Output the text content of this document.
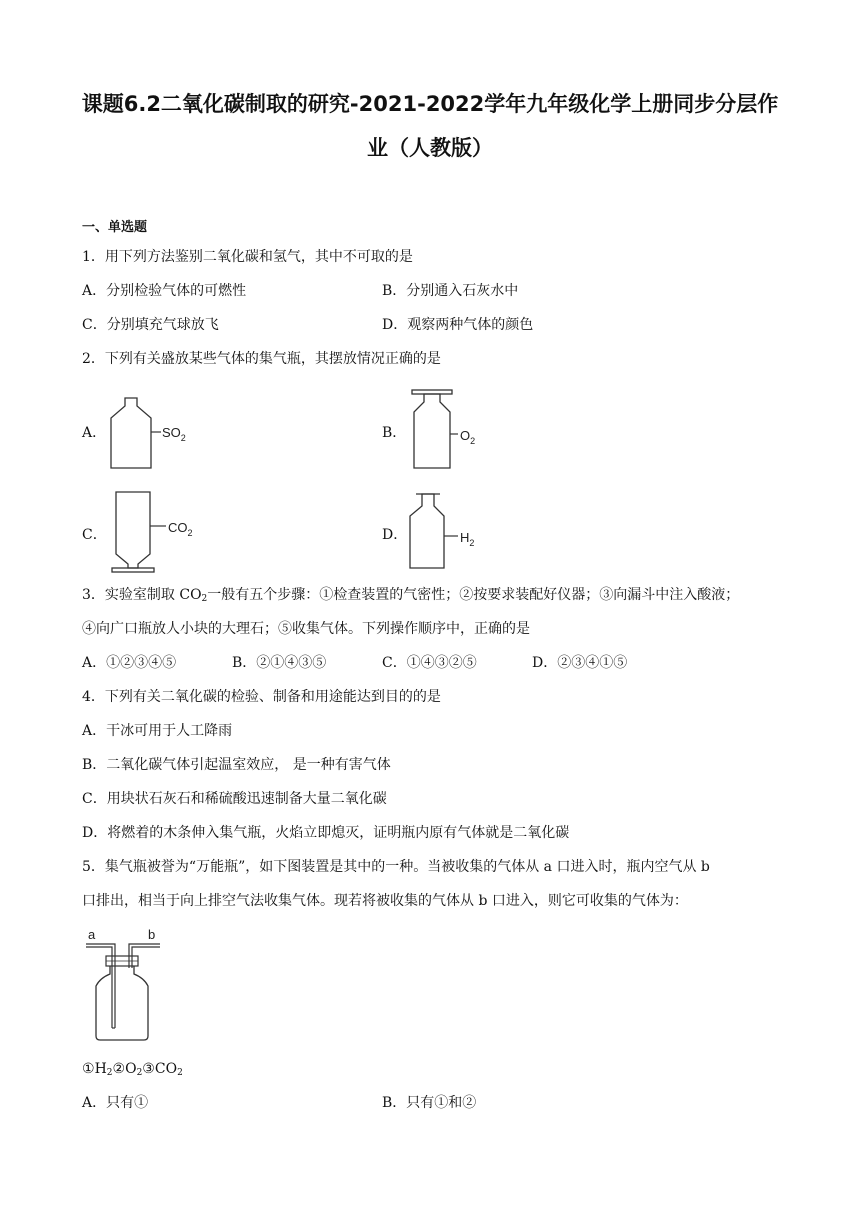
课题6.2二氧化碳制取的研究-2021-2022学年九年级化学上册同步分层作
业（人教版）
一、单选题
1．用下列方法鉴别二氧化碳和氢气，其中不可取的是
A．分别检验气体的可燃性	B．分别通入石灰水中
C．分别填充气球放飞	D．观察两种气体的颜色
2．下列有关盛放某些气体的集气瓶，其摆放情况正确的是
A．	$SO_2$	B．	$O_2$
C．	$CO_2$	D．	$H_2$
3．实验室制取 $CO_2$一般有五个步骤：①检查装置的气密性；②按要求装配好仪器；③向漏斗中注入酸液；
④向广口瓶放人小块的大理石；⑤收集气体。下列操作顺序中，正确的是
A．①②③④⑤	B．②①④③⑤	C．①④③②⑤	D．②③④①⑤
4．下列有关二氧化碳的检验、制备和用途能达到目的的是
A．干冰可用于人工降雨
B．二氧化碳气体引起温室效应， 是一种有害气体
C．用块状石灰石和稀硫酸迅速制备大量二氧化碳
D．将燃着的木条伸入集气瓶，火焰立即熄灭，证明瓶内原有气体就是二氧化碳
5．集气瓶被誉为“万能瓶”，如下图装置是其中的一种。当被收集的气体从 a 口进入时，瓶内空气从 b
口排出，相当于向上排空气法收集气体。现若将被收集的气体从 b 口进入，则它可收集的气体为：
a	b
$①H_2②O_2③CO_2$
A．只有①	B．只有①和②
